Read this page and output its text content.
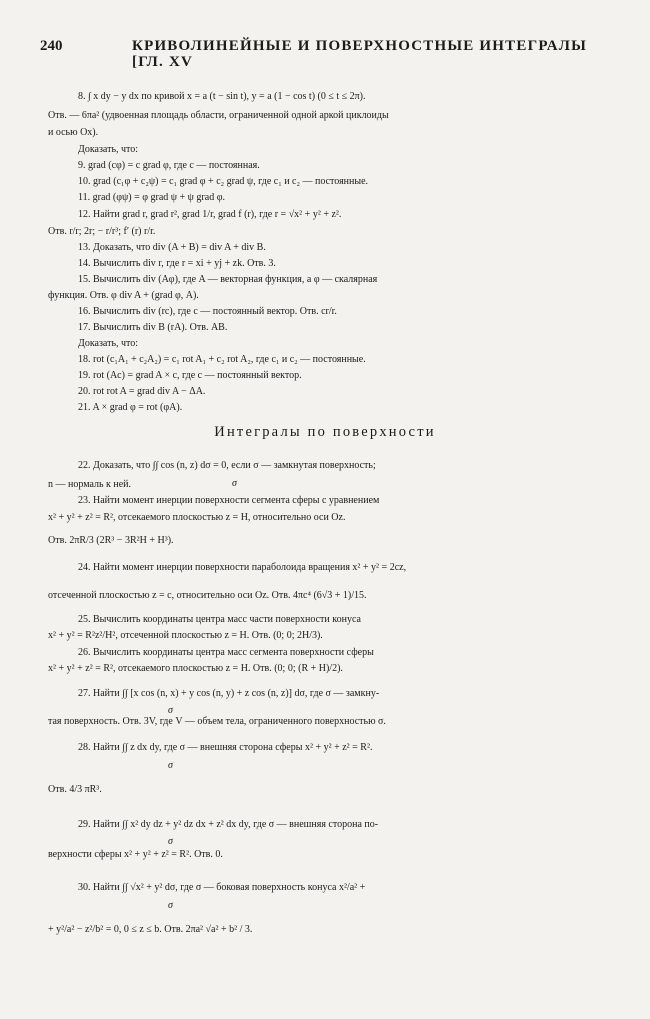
240	КРИВОЛИНЕЙНЫЕ И ПОВЕРХНОСТНЫЕ ИНТЕГРАЛЫ [ГЛ. XV
8. ∫ x dy − y dx по кривой x = a (t − sin t), y = a (1 − cos t) (0 ≤ t ≤ 2π).
Отв. — 6πa² (удвоенная площадь области, ограниченной одной аркой циклоиды
и осью Ox).
Доказать, что:
9. grad (cφ) = c grad φ, где c — постоянная.
10. grad (c₁φ + c₂ψ) = c₁ grad φ + c₂ grad ψ, где c₁ и c₂ — постоянные.
11. grad (φψ) = φ grad ψ + ψ grad φ.
12. Найти grad r, grad r², grad 1/r, grad f (r), где r = √x² + y² + z².
Отв. r/r; 2r; − r/r³; f′ (r) r/r.
13. Доказать, что div (A + B) = div A + div B.
14. Вычислить div r, где r = xi + yj + zk. Отв. 3.
15. Вычислить div (Aφ), где A — векторная функция, а φ — скалярная
функция. Отв. φ div A + (grad φ, A).
16. Вычислить div (rc), где c — постоянный вектор. Отв. cr/r.
17. Вычислить div B (rA). Отв. AB.
Доказать, что:
18. rot (c₁A₁ + c₂A₂) = c₁ rot A₁ + c₂ rot A₂, где c₁ и c₂ — постоянные.
19. rot (Ac) = grad A × c, где c — постоянный вектор.
20. rot rot A = grad div A − ΔA.
21. A × grad φ = rot (φA).
Интегралы по поверхности
22. Доказать, что ∫∫ cos (n, z) dσ = 0, если σ — замкнутая поверхность;
n — нормаль к ней.
23. Найти момент инерции поверхности сегмента сферы с уравнением
x² + y² + z² = R², отсекаемого плоскостью z = H, относительно оси Oz.
Отв. 2πR/3 (2R³ − 3R²H + H³).
24. Найти момент инерции поверхности параболоида вращения x² + y² = 2cz,
отсеченной плоскостью z = c, относительно оси Oz. Отв. 4πc⁴ (6√3 + 1)/15.
25. Вычислить координаты центра масс части поверхности конуса
x² + y² = R²z²/H², отсеченной плоскостью z = H. Отв. (0; 0; 2H/3).
26. Вычислить координаты центра масс сегмента поверхности сферы
x² + y² + z² = R², отсекаемого плоскостью z = H. Отв. (0; 0; (R + H)/2).
27. Найти ∫∫ [x cos (n, x) + y cos (n, y) + z cos (n, z)] dσ, где σ — замкну-
тая поверхность. Отв. 3V, где V — объем тела, ограниченного поверхностью σ.
28. Найти ∫∫ z dx dy, где σ — внешняя сторона сферы x² + y² + z² = R².
Отв. 4/3 πR³.
29. Найти ∫∫ x² dy dz + y² dz dx + z² dx dy, где σ — внешняя сторона по-
верхности сферы x² + y² + z² = R². Отв. 0.
30. Найти ∫∫ √x² + y² dσ, где σ — боковая поверхность конуса x²/a² +
+ y²/a² − z²/b² = 0, 0 ≤ z ≤ b. Отв. 2πa² √a² + b² / 3.
σ
σ
σ
σ
σ
